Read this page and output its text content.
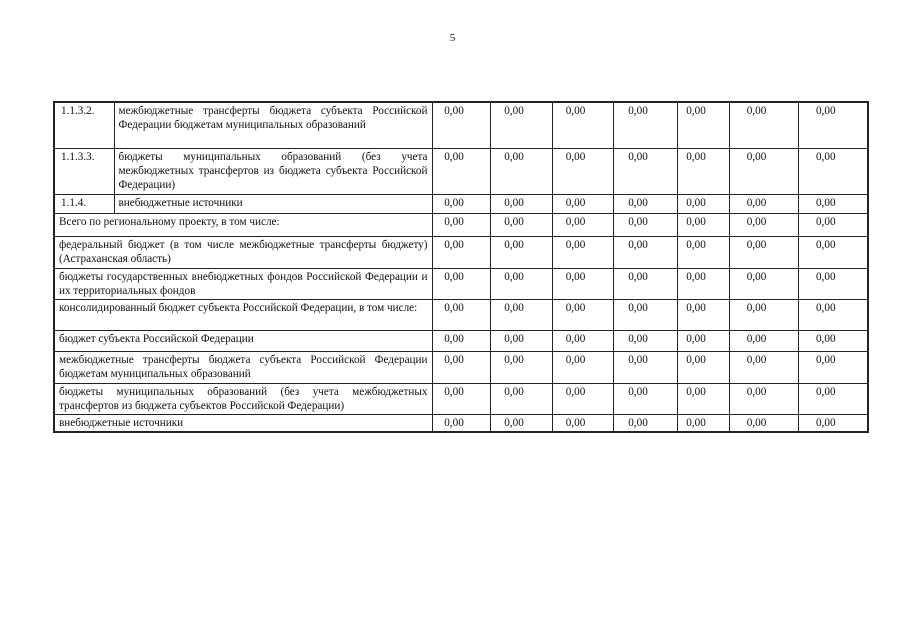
5
1.1.3.2.	межбюджетные трансферты бюджета субъекта Российской Федерации бюджетам муниципальных образований	0,00	0,00	0,00	0,00	0,00	0,00	0,00
1.1.3.3.	бюджеты муниципальных образований (без учета межбюджетных трансфертов из бюджета субъекта Российской Федерации)	0,00	0,00	0,00	0,00	0,00	0,00	0,00
1.1.4.	внебюджетные источники	0,00	0,00	0,00	0,00	0,00	0,00	0,00
Всего по региональному проекту, в том числе:		0,00	0,00	0,00	0,00	0,00	0,00	0,00
федеральный бюджет (в том числе межбюджетные трансферты бюджету) (Астраханская область)		0,00	0,00	0,00	0,00	0,00	0,00	0,00
бюджеты государственных внебюджетных фондов Российской Федерации и их территориальных фондов		0,00	0,00	0,00	0,00	0,00	0,00	0,00
консолидированный бюджет субъекта Российской Федерации, в том числе:		0,00	0,00	0,00	0,00	0,00	0,00	0,00
бюджет субъекта Российской Федерации		0,00	0,00	0,00	0,00	0,00	0,00	0,00
межбюджетные трансферты бюджета субъекта Российской Федерации бюджетам муниципальных образований		0,00	0,00	0,00	0,00	0,00	0,00	0,00
бюджеты муниципальных образований (без учета межбюджетных трансфертов из бюджета субъектов Российской Федерации)		0,00	0,00	0,00	0,00	0,00	0,00	0,00
внебюджетные источники		0,00	0,00	0,00	0,00	0,00	0,00	0,00
